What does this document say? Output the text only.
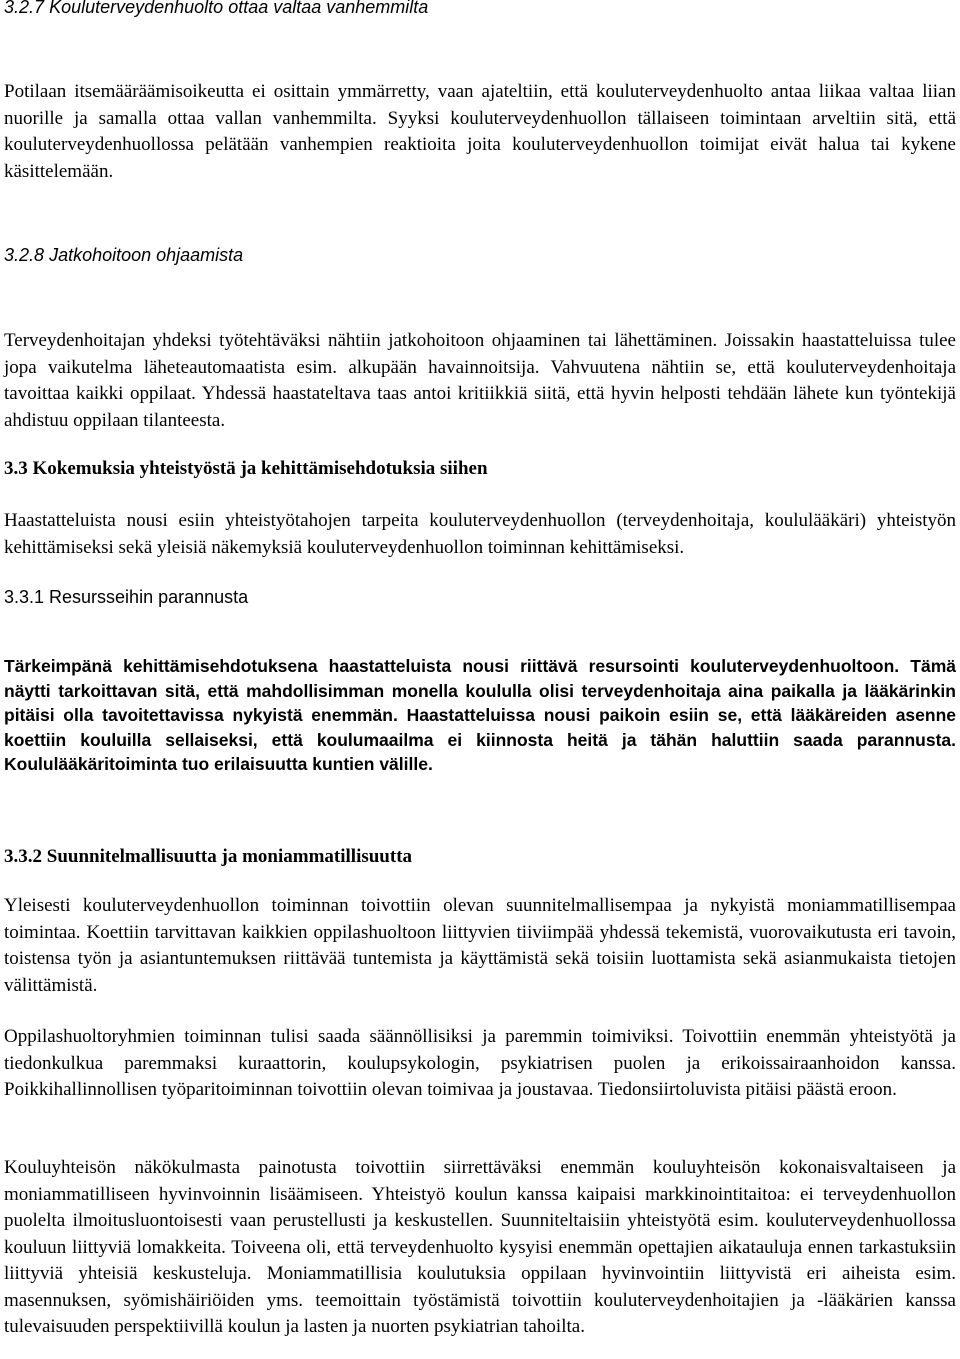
3.2.7 Kouluterveydenhuolto ottaa valtaa vanhemmilta

Potilaan itsemääräämisoikeutta ei osittain ymmärretty, vaan ajateltiin, että kouluterveydenhuolto antaa liikaa valtaa liian nuorille ja samalla ottaa vallan vanhemmilta. Syyksi kouluterveydenhuollon tällaiseen toimintaan arveltiin sitä, että kouluterveydenhuollossa pelätään vanhempien reaktioita joita kouluterveydenhuollon toimijat eivät halua tai kykene käsittelemään.

3.2.8 Jatkohoitoon ohjaamista

Terveydenhoitajan yhdeksi työtehtäväksi nähtiin jatkohoitoon ohjaaminen tai lähettäminen. Joissakin haastatteluissa tulee jopa vaikutelma läheteautomaatista esim. alkupään havainnoitsija. Vahvuutena nähtiin se, että kouluterveydenhoitaja tavoittaa kaikki oppilaat. Yhdessä haastateltava taas antoi kritiikkiä siitä, että hyvin helposti tehdään lähete kun työntekijä ahdistuu oppilaan tilanteesta.

3.3 Kokemuksia yhteistyöstä ja kehittämisehdotuksia siihen

Haastatteluista nousi esiin yhteistyötahojen tarpeita kouluterveydenhuollon (terveydenhoitaja, koululääkäri) yhteistyön kehittämiseksi sekä yleisiä näkemyksiä kouluterveydenhuollon toiminnan kehittämiseksi.

3.3.1 Resursseihin parannusta

Tärkeimpänä kehittämisehdotuksena haastatteluista nousi riittävä resursointi kouluterveydenhuoltoon. Tämä näytti tarkoittavan sitä, että mahdollisimman monella koululla olisi terveydenhoitaja aina paikalla ja lääkärinkin pitäisi olla tavoitettavissa nykyistä enemmän. Haastatteluissa nousi paikoin esiin se, että lääkäreiden asenne koettiin kouluilla sellaiseksi, että koulumaailma ei kiinnosta heitä ja tähän haluttiin saada parannusta. Koululääkäritoiminta tuo erilaisuutta kuntien välille.

3.3.2 Suunnitelmallisuutta ja moniammatillisuutta

Yleisesti kouluterveydenhuollon toiminnan toivottiin olevan suunnitelmallisempaa ja nykyistä moniammatillisempaa toimintaa. Koettiin tarvittavan kaikkien oppilashuoltoon liittyvien tiiviimpää yhdessä tekemistä, vuorovaikutusta eri tavoin, toistensa työn ja asiantuntemuksen riittävää tuntemista ja käyttämistä sekä toisiin luottamista sekä asianmukaista tietojen välittämistä.

Oppilashuoltoryhmien toiminnan tulisi saada säännöllisiksi ja paremmin toimiviksi. Toivottiin enemmän yhteistyötä ja tiedonkulkua paremmaksi kuraattorin, koulupsykologin, psykiatrisen puolen ja erikoissairaanhoidon kanssa. Poikkihallinnollisen työparitoiminnan toivottiin olevan toimivaa ja joustavaa. Tiedonsiirtoluvista pitäisi päästä eroon.

Kouluyhteisön näkökulmasta painotusta toivottiin siirrettäväksi enemmän kouluyhteisön kokonaisvaltaiseen ja moniammatilliseen hyvinvoinnin lisäämiseen. Yhteistyö koulun kanssa kaipaisi markkinointitaitoa: ei terveydenhuollon puolelta ilmoitusluontoisesti vaan perustellusti ja keskustellen. Suunniteltaisiin yhteistyötä esim. kouluterveydenhuollossa kouluun liittyviä lomakkeita. Toiveena oli, että terveydenhuolto kysyisi enemmän opettajien aikatauluja ennen tarkastuksiin liittyviä yhteisiä keskusteluja. Moniammatillisia koulutuksia oppilaan hyvinvointiin liittyvistä eri aiheista esim. masennuksen, syömishäiriöiden yms. teemoittain työstämistä toivottiin kouluterveydenhoitajien ja -lääkärien kanssa tulevaisuuden perspektiivillä koulun ja lasten ja nuorten psykiatrian tahoilta.
